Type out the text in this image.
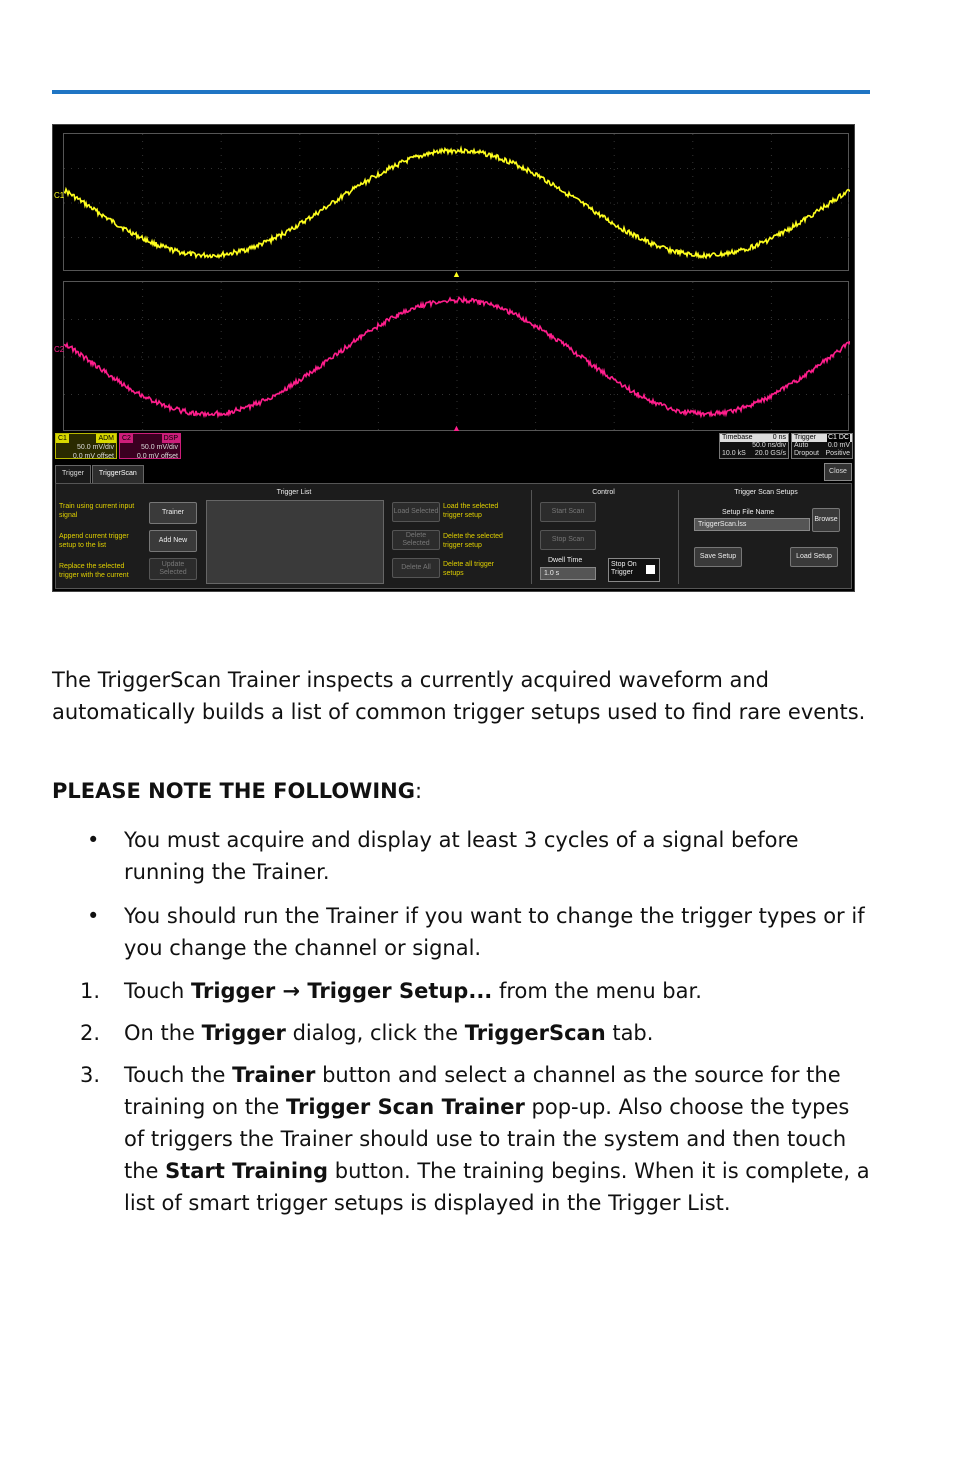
C1
C2
▲
▲
C1	ADM
50.0 mV/div
0.0 mV offset
C2	DSP
50.0 mV/div
0.0 mV offset
Timebase	0 ns
50.0 ns/div
10.0 kS 20.0 GS/s
Trigger C1 DC
Auto	0.0 mV
Dropout Positive
Trigger	TriggerScan	Close
Train using current input signal
Append current trigger setup to the list
Replace the selected trigger with the current
Trainer
Add New
Update Selected
Trigger List
Load Selected
Delete Selected
Delete All
Load the selected trigger setup
Delete the selected trigger setup
Delete all trigger setups
Control
Start Scan
Stop Scan
Dwell Time
1.0 s
Stop On Trigger
Trigger Scan Setups
Setup File Name
TriggerScan.lss
Browse
Save Setup	Load Setup
The TriggerScan Trainer inspects a currently acquired waveform and automatically builds a list of common trigger setups used to find rare events.
PLEASE NOTE THE FOLLOWING:
• You must acquire and display at least 3 cycles of a signal before running the Trainer.
• You should run the Trainer if you want to change the trigger types or if you change the channel or signal.
1. Touch Trigger → Trigger Setup... from the menu bar.
2. On the Trigger dialog, click the TriggerScan tab.
3. Touch the Trainer button and select a channel as the source for the training on the Trigger Scan Trainer pop-up. Also choose the types of triggers the Trainer should use to train the system and then touch the Start Training button. The training begins. When it is complete, a list of smart trigger setups is displayed in the Trigger List.
